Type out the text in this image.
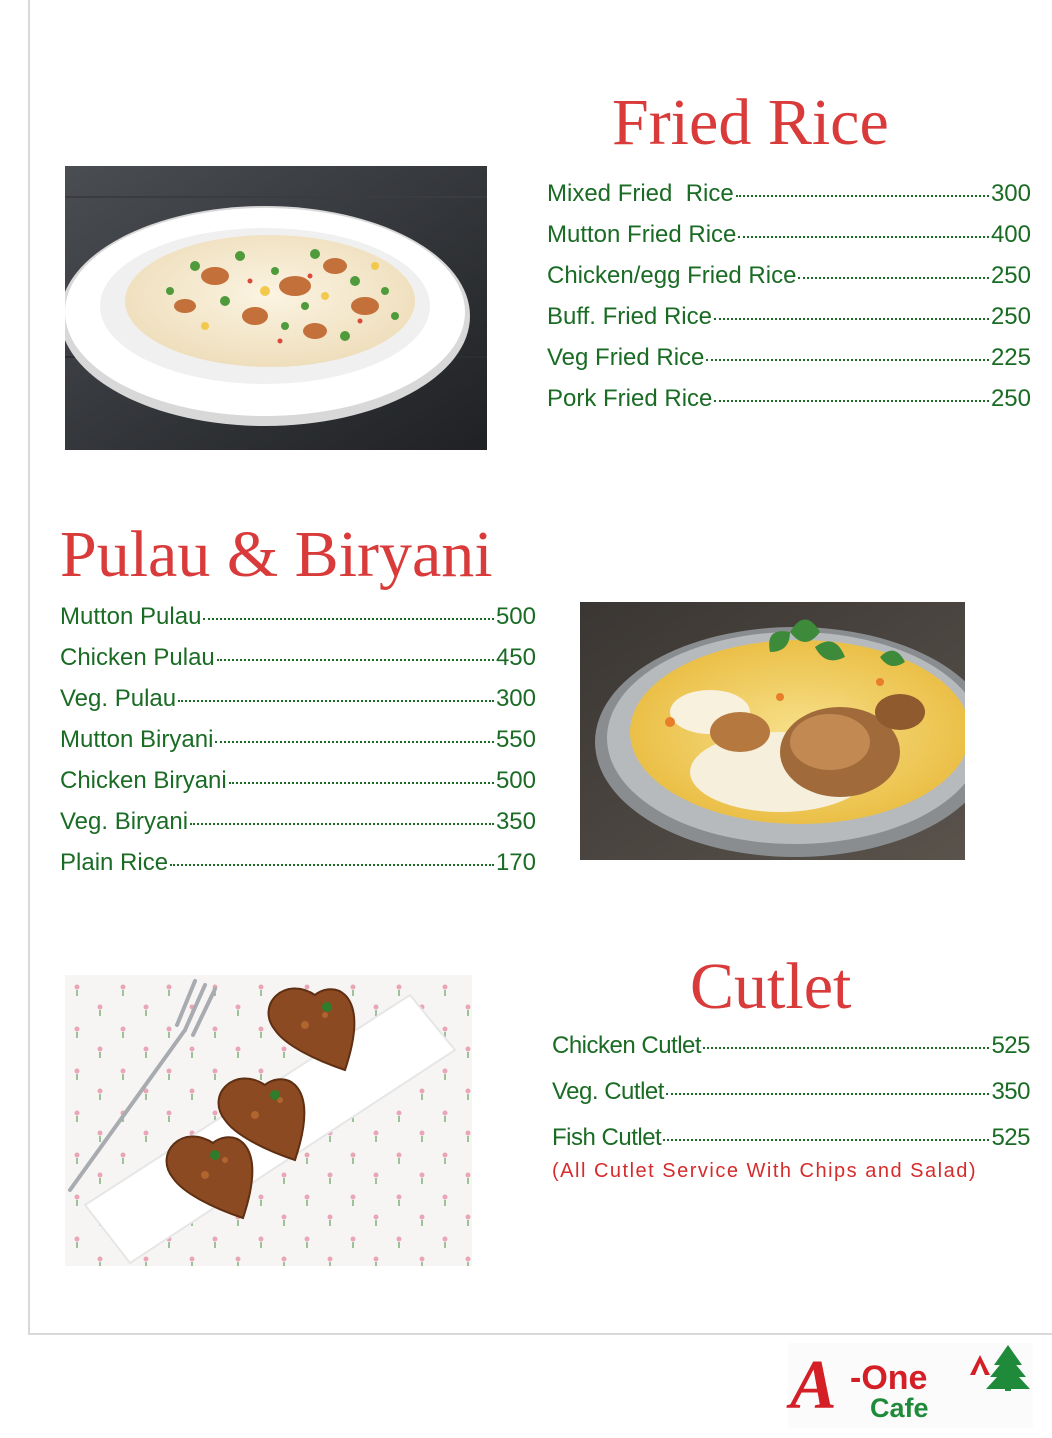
Fried Rice
Mixed Fried  Rice	300
Mutton Fried Rice	400
Chicken/egg Fried Rice	250
Buff. Fried Rice	250
Veg Fried Rice	225
Pork Fried Rice	250
Pulau & Biryani
Mutton Pulau	500
Chicken Pulau	450
Veg. Pulau	300
Mutton Biryani	550
Chicken Biryani	500
Veg. Biryani	350
Plain Rice	170
Cutlet
Chicken Cutlet	525
Veg. Cutlet	350
Fish Cutlet	525

(All Cutlet Service With Chips and Salad)

A -One
Cafe
